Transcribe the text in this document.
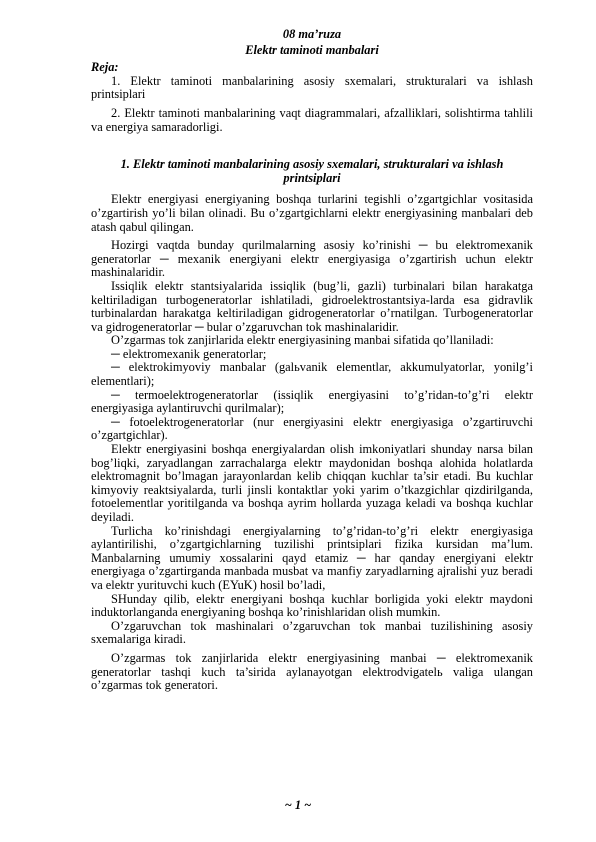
08 ma’ruza
Elektr taminoti manbalari
Reja:

1. Elektr taminoti manbalarining asosiy sxemalari, strukturalari va ishlash printsiplari

2. Elektr taminoti manbalarining vaqt diagrammalari, afzalliklari, solishtirma tahlili va energiya samaradorligi.

1. Elektr taminoti manbalarining asosiy sxemalari, strukturalari va ishlash printsiplari

Elektr energiyasi energiyaning boshqa turlarini tegishli o’zgartgichlar vositasida o’zgartirish yo’li bilan olinadi. Bu o’zgartgichlarni elektr energiyasining manbalari deb atash qabul qilingan.

Hozirgi vaqtda bunday qurilmalarning asosiy ko’rinishi ─ bu elektromexanik generatorlar ─ mexanik energiyani elektr energiyasiga o’zgartirish uchun elektr mashinalaridir.

Issiqlik elektr stantsiyalarida issiqlik (bug’li, gazli) turbinalari bilan harakatga keltiriladigan turbogeneratorlar ishlatiladi, gidroelektrostantsiya-larda esa gidravlik turbinalardan harakatga keltiriladigan gidrogeneratorlar o’rnatilgan. Turbogeneratorlar va gidrogeneratorlar ─ bular o’zgaruvchan tok mashinalaridir.

O’zgarmas tok zanjirlarida elektr energiyasining manbai sifatida qo’llaniladi:

─ elektromexanik generatorlar;

─ elektrokimyoviy manbalar (galьvanik elementlar, akkumulyatorlar, yonilg’i elementlari);

─ termoelektrogeneratorlar (issiqlik energiyasini to’g’ridan-to’g’ri elektr energiyasiga aylantiruvchi qurilmalar);

─ fotoelektrogeneratorlar (nur energiyasini elektr energiyasiga o’zgartiruvchi o’zgartgichlar).

Elektr energiyasini boshqa energiyalardan olish imkoniyatlari shunday narsa bilan bog’liqki, zaryadlangan zarrachalarga elektr maydonidan boshqa alohida holatlarda elektromagnit bo’lmagan jarayonlardan kelib chiqqan kuchlar ta’sir etadi. Bu kuchlar kimyoviy reaktsiyalarda, turli jinsli kontaktlar yoki yarim o’tkazgichlar qizdirilganda, fotoelementlar yoritilganda va boshqa ayrim hollarda yuzaga keladi va boshqa kuchlar deyiladi.

Turlicha ko’rinishdagi energiyalarning to’g’ridan-to’g’ri elektr energiyasiga aylantirilishi, o’zgartgichlarning tuzilishi printsiplari fizika kursidan ma’lum. Manbalarning umumiy xossalarini qayd etamiz ─ har qanday energiyani elektr energiyaga o’zgartirganda manbada musbat va manfiy zaryadlarning ajralishi yuz beradi va elektr yurituvchi kuch (EYuK) hosil bo’ladi,

SHunday qilib, elektr energiyani boshqa kuchlar borligida yoki elektr maydoni induktorlanganda energiyaning boshqa ko’rinishlaridan olish mumkin.

O’zgaruvchan tok mashinalari o’zgaruvchan tok manbai tuzilishining asosiy sxemalariga kiradi.

O’zgarmas tok zanjirlarida elektr energiyasining manbai ─ elektromexanik generatorlar tashqi kuch ta’sirida aylanayotgan elektrodvigatelь valiga ulangan o’zgarmas tok generatori.

~ 1 ~
